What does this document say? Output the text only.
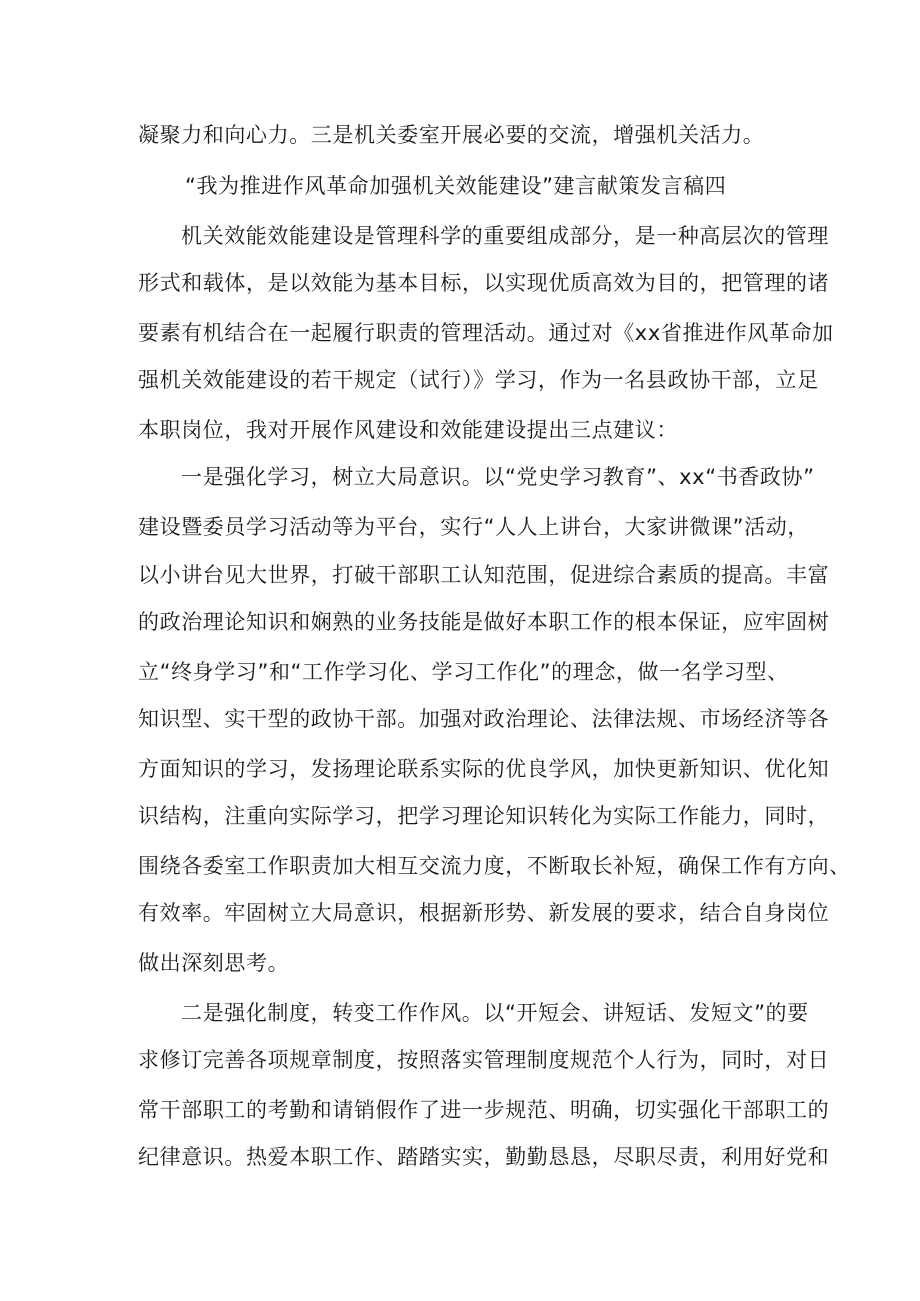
凝聚力和向心力。三是机关委室开展必要的交流，增强机关活力。
“我为推进作风革命加强机关效能建设”建言献策发言稿四
机关效能效能建设是管理科学的重要组成部分，是一种高层次的管理
形式和载体，是以效能为基本目标，以实现优质高效为目的，把管理的诸
要素有机结合在一起履行职责的管理活动。通过对《xx省推进作风革命加
强机关效能建设的若干规定（试行）》学习，作为一名县政协干部，立足
本职岗位，我对开展作风建设和效能建设提出三点建议：
一是强化学习，树立大局意识。以“党史学习教育”、xx“书香政协”
建设暨委员学习活动等为平台，实行“人人上讲台，大家讲微课”活动，
以小讲台见大世界，打破干部职工认知范围，促进综合素质的提高。丰富
的政治理论知识和娴熟的业务技能是做好本职工作的根本保证，应牢固树
立“终身学习”和“工作学习化、学习工作化”的理念，做一名学习型、
知识型、实干型的政协干部。加强对政治理论、法律法规、市场经济等各
方面知识的学习，发扬理论联系实际的优良学风，加快更新知识、优化知
识结构，注重向实际学习，把学习理论知识转化为实际工作能力，同时，
围绕各委室工作职责加大相互交流力度，不断取长补短，确保工作有方向、
有效率。牢固树立大局意识，根据新形势、新发展的要求，结合自身岗位
做出深刻思考。
二是强化制度，转变工作作风。以“开短会、讲短话、发短文”的要
求修订完善各项规章制度，按照落实管理制度规范个人行为，同时，对日
常干部职工的考勤和请销假作了进一步规范、明确，切实强化干部职工的
纪律意识。热爱本职工作、踏踏实实，勤勤恳恳，尽职尽责，利用好党和
